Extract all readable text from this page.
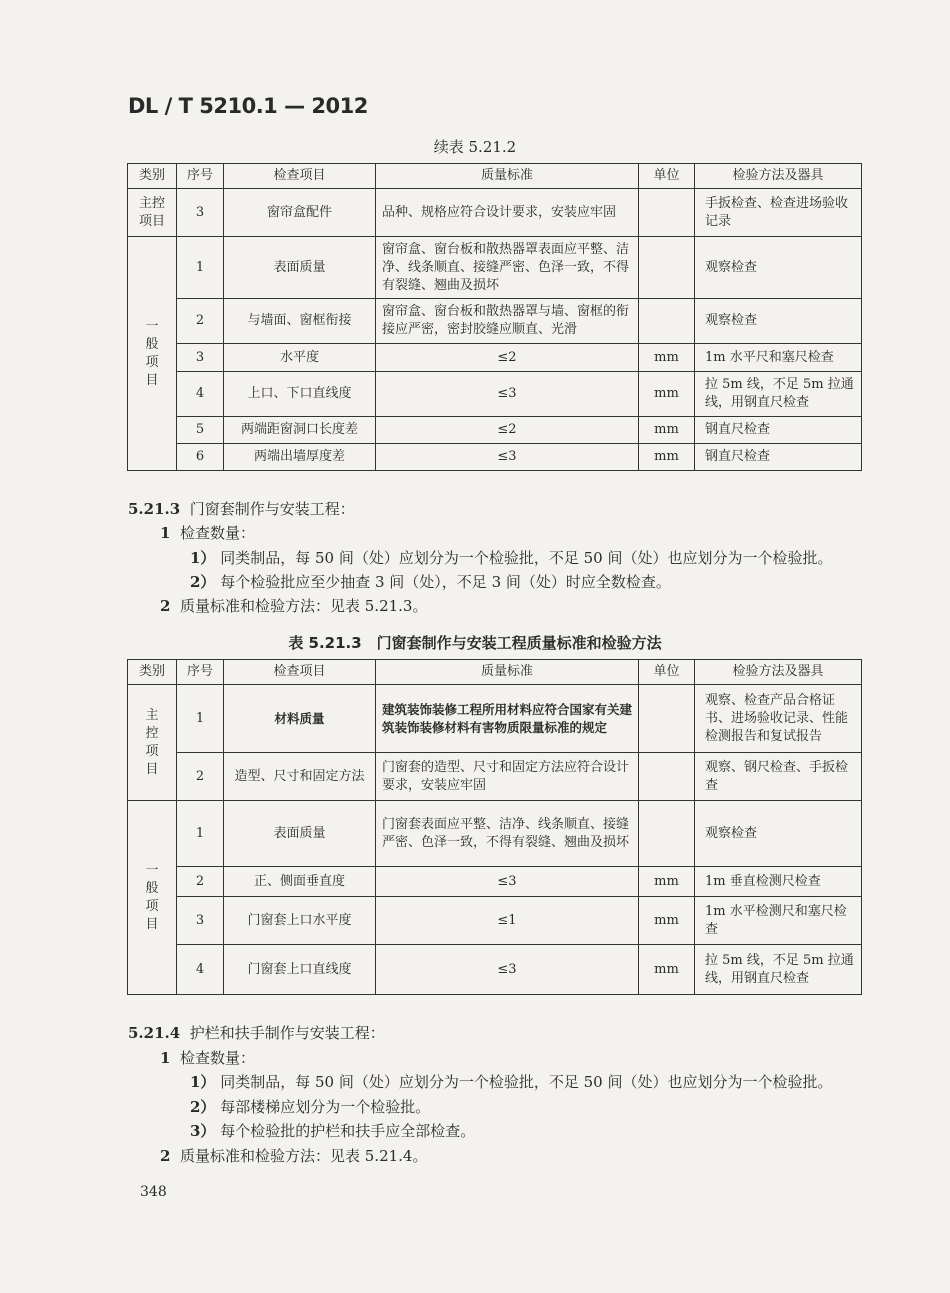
DL / T 5210.1 — 2012
续表 5.21.2
类别	序号	检查项目	质量标准	单位	检验方法及器具
主控项目	3	窗帘盒配件	品种、规格应符合设计要求，安装应牢固		手扳检查、检查进场验收记录

一
般
项
目	1	表面质量	窗帘盒、窗台板和散热器罩表面应平整、洁净、线条顺直、接缝严密、色泽一致，不得有裂缝、翘曲及损坏		观察检查
	2	与墙面、窗框衔接	窗帘盒、窗台板和散热器罩与墙、窗框的衔接应严密，密封胶缝应顺直、光滑		观察检查
	3	水平度	≤2	mm	1m 水平尺和塞尺检查
	4	上口、下口直线度	≤3	mm	拉 5m 线，不足 5m 拉通线，用钢直尺检查
	5	两端距窗洞口长度差	≤2	mm	钢直尺检查
	6	两端出墙厚度差	≤3	mm	钢直尺检查
5.21.3 门窗套制作与安装工程：
1 检查数量：
1） 同类制品，每 50 间（处）应划分为一个检验批，不足 50 间（处）也应划分为一个检验批。
2） 每个检验批应至少抽查 3 间（处），不足 3 间（处）时应全数检查。
2 质量标准和检验方法：见表 5.21.3。
表 5.21.3　门窗套制作与安装工程质量标准和检验方法
类别	序号	检查项目	质量标准	单位	检验方法及器具

主
控
项
目	1	材料质量	建筑装饰装修工程所用材料应符合国家有关建筑装饰装修材料有害物质限量标准的规定		观察、检查产品合格证书、进场验收记录、性能检测报告和复试报告
	2	造型、尺寸和固定方法	门窗套的造型、尺寸和固定方法应符合设计要求，安装应牢固		观察、钢尺检查、手扳检查

一
般
项
目	1	表面质量	门窗套表面应平整、洁净、线条顺直、接缝严密、色泽一致，不得有裂缝、翘曲及损坏		观察检查
	2	正、侧面垂直度	≤3	mm	1m 垂直检测尺检查
	3	门窗套上口水平度	≤1	mm	1m 水平检测尺和塞尺检查
	4	门窗套上口直线度	≤3	mm	拉 5m 线，不足 5m 拉通线，用钢直尺检查
5.21.4 护栏和扶手制作与安装工程：
1 检查数量：
1） 同类制品，每 50 间（处）应划分为一个检验批，不足 50 间（处）也应划分为一个检验批。
2） 每部楼梯应划分为一个检验批。
3） 每个检验批的护栏和扶手应全部检查。
2 质量标准和检验方法：见表 5.21.4。
348
